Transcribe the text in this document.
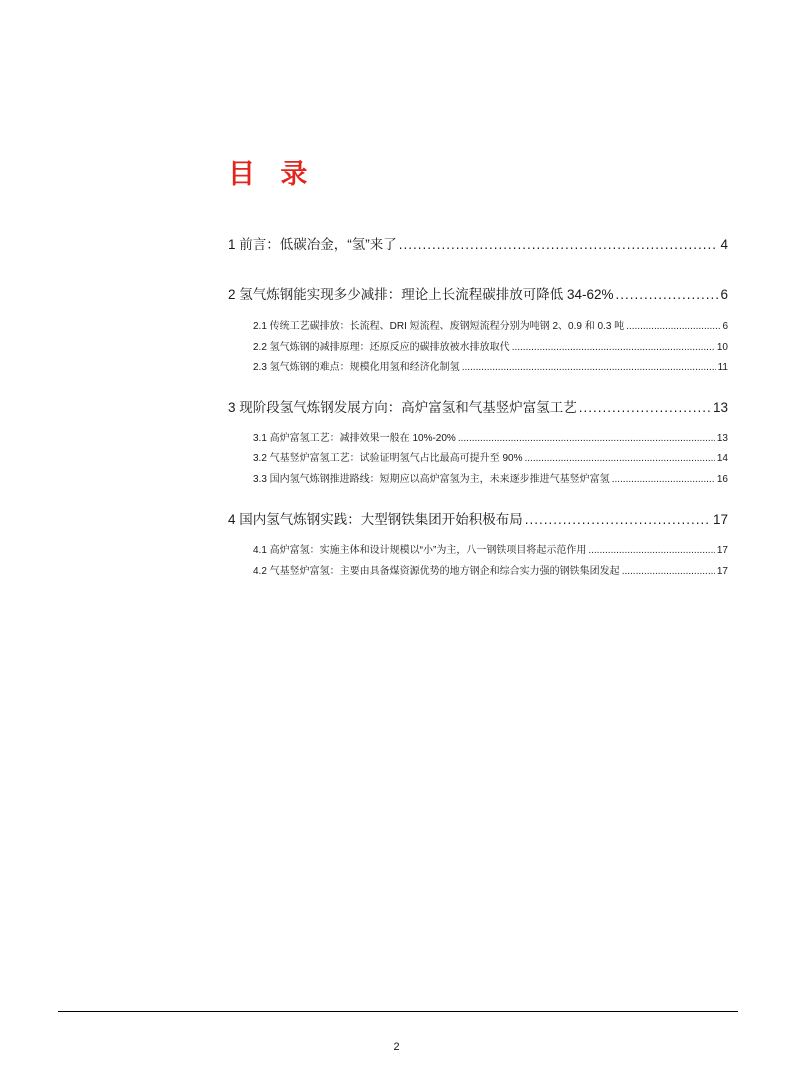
目 录
1 前言：低碳冶金，“氢”来了 .....	4
2 氢气炼钢能实现多少减排：理论上长流程碳排放可降低 34-62% .....	6
2.1 传统工艺碳排放：长流程、DRI 短流程、废钢短流程分别为吨钢 2、0.9 和 0.3 吨 .....	6
2.2 氢气炼钢的减排原理：还原反应的碳排放被水排放取代 .....	10
2.3 氢气炼钢的难点：规模化用氢和经济化制氢 .....	11
3 现阶段氢气炼钢发展方向：高炉富氢和气基竖炉富氢工艺 .....	13
3.1 高炉富氢工艺：减排效果一般在 10%-20% .....	13
3.2 气基竖炉富氢工艺：试验证明氢气占比最高可提升至 90% .....	14
3.3 国内氢气炼钢推进路线：短期应以高炉富氢为主，未来逐步推进气基竖炉富氢 .....	16
4 国内氢气炼钢实践：大型钢铁集团开始积极布局 .....	17
4.1 高炉富氢：实施主体和设计规模以“小”为主，八一钢铁项目将起示范作用 .....	17
4.2 气基竖炉富氢：主要由具备煤资源优势的地方钢企和综合实力强的钢铁集团发起 .....	17
2
